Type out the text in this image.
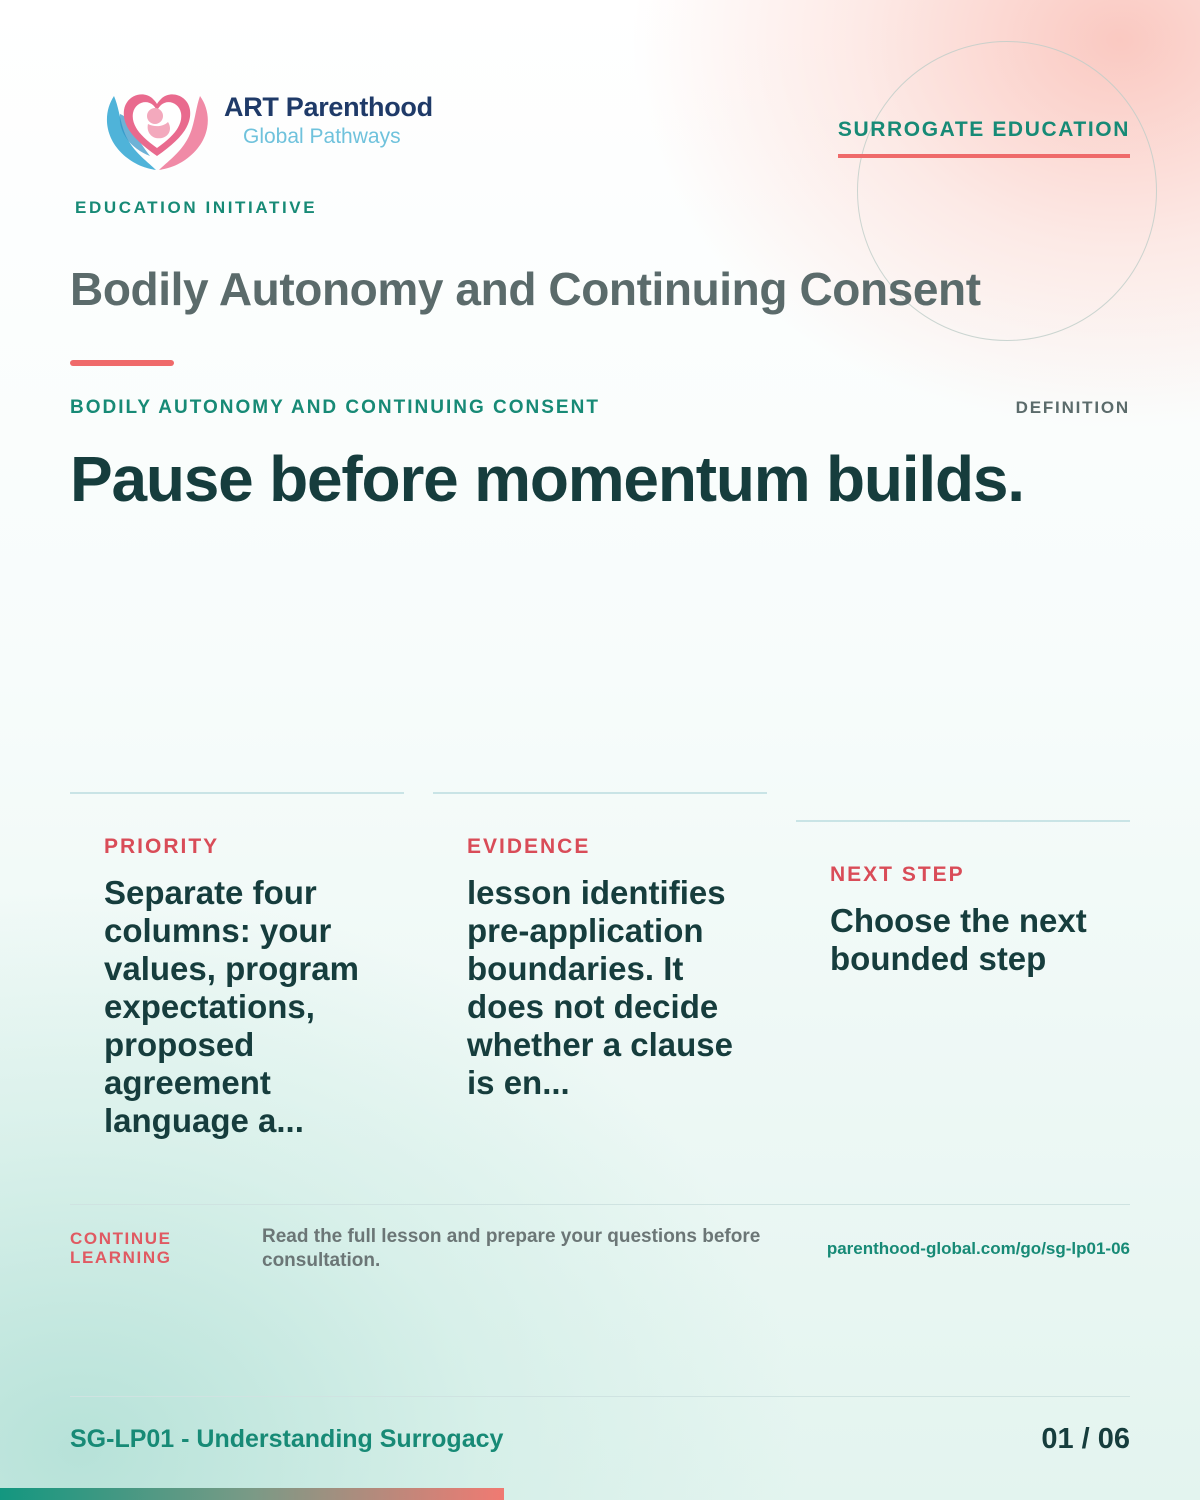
ART Parenthood
Global Pathways
EDUCATION INITIATIVE
SURROGATE EDUCATION
Bodily Autonomy and Continuing Consent
BODILY AUTONOMY AND CONTINUING CONSENT	DEFINITION
Pause before momentum builds.
PRIORITY
Separate four columns: your values, program expectations, proposed agreement language a...
EVIDENCE
lesson identifies pre-application boundaries. It does not decide whether a clause is en...
NEXT STEP
Choose the next bounded step
CONTINUE LEARNING
Read the full lesson and prepare your questions before consultation.
parenthood-global.com/go/sg-lp01-06
SG-LP01 - Understanding Surrogacy	01 / 06
